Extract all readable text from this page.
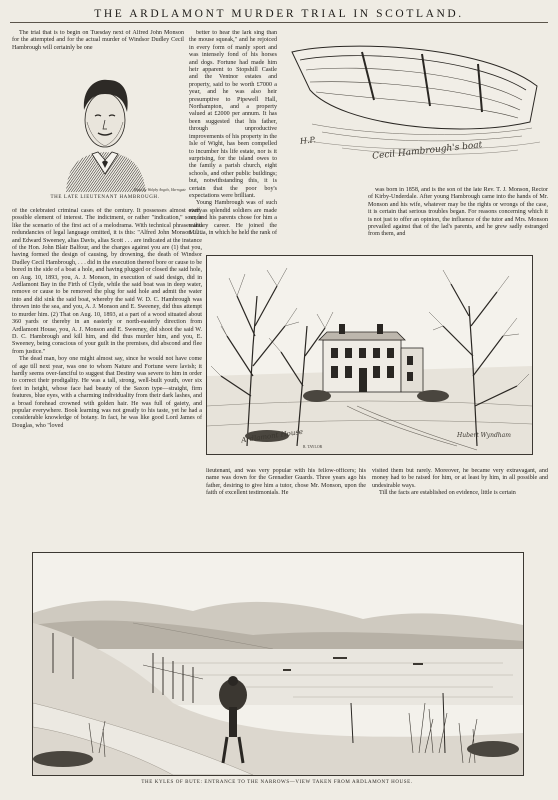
THE ARDLAMONT MURDER TRIAL IN SCOTLAND.

The trial that is to begin on Tuesday next of Alfred John Monson for the attempted and for the actual murder of Windsor Dudley Cecil Hambrough will certainly be one

Photo by Walpby Angelo, Harrogate
THE LATE LIEUTENANT HAMBROUGH.

better to hear the lark sing than the mouse squeak," and he rejoiced in every form of manly sport and was intensely fond of his horses and dogs. Fortune had made him heir apparent to Stopshill Castle and the Ventnor estates and property, said to be worth £7000 a year, and he was also heir presumptive to Pipewell Hall, Northampton, and a property valued at £2000 per annum. It has been suggested that his father, through unproductive improvements of his property in the Isle of Wight, has been compelled to incumber his life estate, nor is it surprising, for the island owes to the family a parish church, eight schools, and other public buildings; but, notwithstanding this, it is certain that the poor boy's expectations were brilliant.

Young Hambrough was of such stuff as splendid soldiers are made on, and his parents chose for him a military career. He joined the Militia, in which he held the rank of

H.P.	Cecil Hambrough's boat

was born in 1858, and is the son of the late Rev. T. J. Monson, Rector of Kirby-Underdale. After young Hambrough came into the hands of Mr. Monson and his wife, whatever may be the rights or wrongs of the case, it is certain that serious troubles began. For reasons concerning which it is not just to offer an opinion, the influence of the tutor and Mrs. Monson prevailed against that of the lad's parents, and he grew sadly estranged from them, and

of the celebrated criminal cases of the century. It possesses almost every possible element of interest. The indictment, or rather "indication," sounds like the scenario of the first act of a melodrama. With technical phrases and redundancies of legal language omitted, it is this: "Alfred John Monson . . . and Edward Sweeney, alias Davis, alias Scott . . . are indicated at the instance of the Hon. John Blair Balfour, and the charges against you are (1) that you, having formed the design of causing, by drowning, the death of Windsor Dudley Cecil Hambrough, . . . did in the execution thereof bore or cause to be bored in the side of a boat a hole, and having plugged or closed the said hole, on Aug. 10, 1893, you, A. J. Monson, in execution of said design, did in Ardlamont Bay in the Firth of Clyde, while the said boat was in deep water, remove or cause to be removed the plug for said hole and admit the water into and did sink the said boat, whereby the said W. D. C. Hambrough was thrown into the sea, and you, A. J. Monson and E. Sweeney, did thus attempt to murder him. (2) That on Aug. 10, 1893, at a part of a wood situated about 360 yards or thereby in an easterly or north-easterly direction from Ardlamont House, you, A. J. Monson and E. Sweeney, did shoot the said W. D. C. Hambrough and kill him, and did thus murder him, and you, E. Sweeney, being conscious of your guilt in the premises, did abscond and flee from justice."

The dead man, boy one might almost say, since he would not have come of age till next year, was one to whom Nature and Fortune were lavish; it hardly seems over-fanciful to suggest that Destiny was severe to him in order to correct their prodigality. He was a tall, strong, well-built youth, over six feet in height, whose face had beauty of the Saxon type—straight, firm features, blue eyes, with a charming individuality from their dark lashes, and a broad forehead crowned with golden hair. He was full of gaiety, and popular everywhere. Book learning was not greatly to his taste, yet he had a considerable knowledge of botany. In fact, he was like good Lord James of Douglas, who "loved

Ardlamont House	Hubert Wyndham
R. TAYLOR

lieutenant, and was very popular with his fellow-officers; his name was down for the Grenadier Guards. Three years ago his father, desiring to give him a tutor, chose Mr. Monson, upon the faith of excellent testimonials. He

visited them but rarely. Moreover, he became very extravagant, and money had to be raised for him, or at least by him, in all possible and undesirable ways.

Till the facts are established on evidence, little is certain

THE KYLES OF BUTE: ENTRANCE TO THE NARROWS—VIEW TAKEN FROM ARDLAMONT HOUSE.
